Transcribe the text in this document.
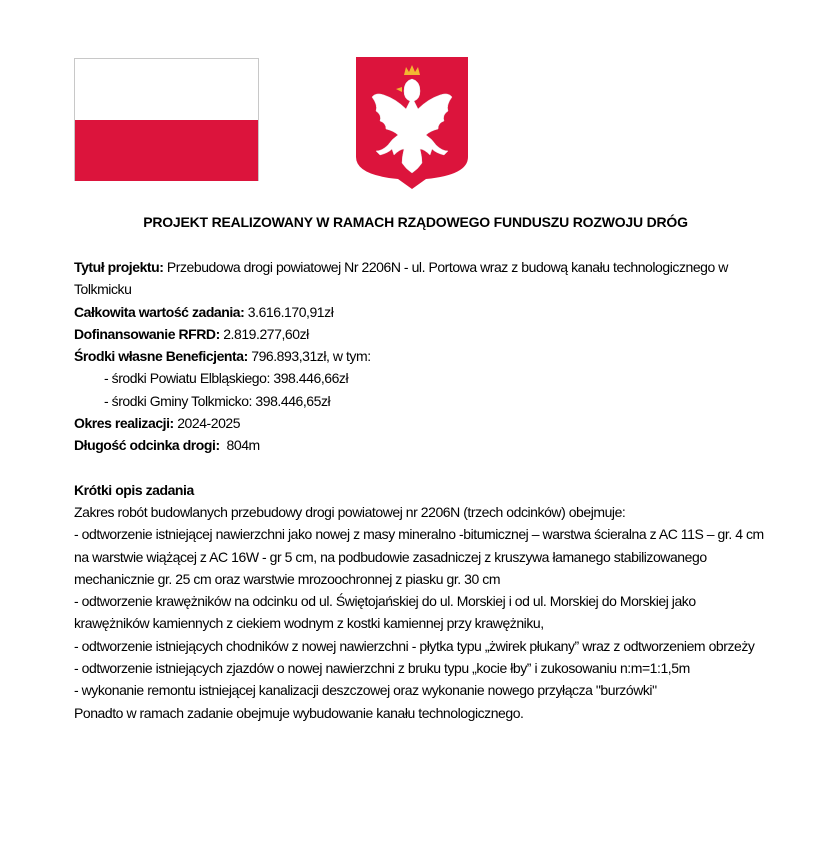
PROJEKT REALIZOWANY W RAMACH RZĄDOWEGO FUNDUSZU ROZWOJU DRÓG

Tytuł projektu: Przebudowa drogi powiatowej Nr 2206N - ul. Portowa wraz z budową kanału technologicznego w Tolkmicku

Całkowita wartość zadania: 3.616.170,91zł

Dofinansowanie RFRD: 2.819.277,60zł

Środki własne Beneficjenta: 796.893,31zł, w tym:

- środki Powiatu Elbląskiego: 398.446,66zł

- środki Gminy Tolkmicko: 398.446,65zł

Okres realizacji: 2024-2025

Długość odcinka drogi:  804m

Krótki opis zadania

Zakres robót budowlanych przebudowy drogi powiatowej nr 2206N (trzech odcinków) obejmuje:

- odtworzenie istniejącej nawierzchni jako nowej z masy mineralno -bitumicznej – warstwa ścieralna z AC 11S – gr. 4 cm na warstwie wiążącej z AC 16W - gr 5 cm, na podbudowie zasadniczej z kruszywa łamanego stabilizowanego mechanicznie gr. 25 cm oraz warstwie mrozoochronnej z piasku gr. 30 cm

- odtworzenie krawężników na odcinku od ul. Świętojańskiej do ul. Morskiej i od ul. Morskiej do Morskiej jako krawężników kamiennych z ciekiem wodnym z kostki kamiennej przy krawężniku,

- odtworzenie istniejących chodników z nowej nawierzchni - płytka typu „żwirek płukany” wraz z odtworzeniem obrzeży

- odtworzenie istniejących zjazdów o nowej nawierzchni z bruku typu „kocie łby” i zukosowaniu n:m=1:1,5m

- wykonanie remontu istniejącej kanalizacji deszczowej oraz wykonanie nowego przyłącza "burzówki"

Ponadto w ramach zadanie obejmuje wybudowanie kanału technologicznego.
